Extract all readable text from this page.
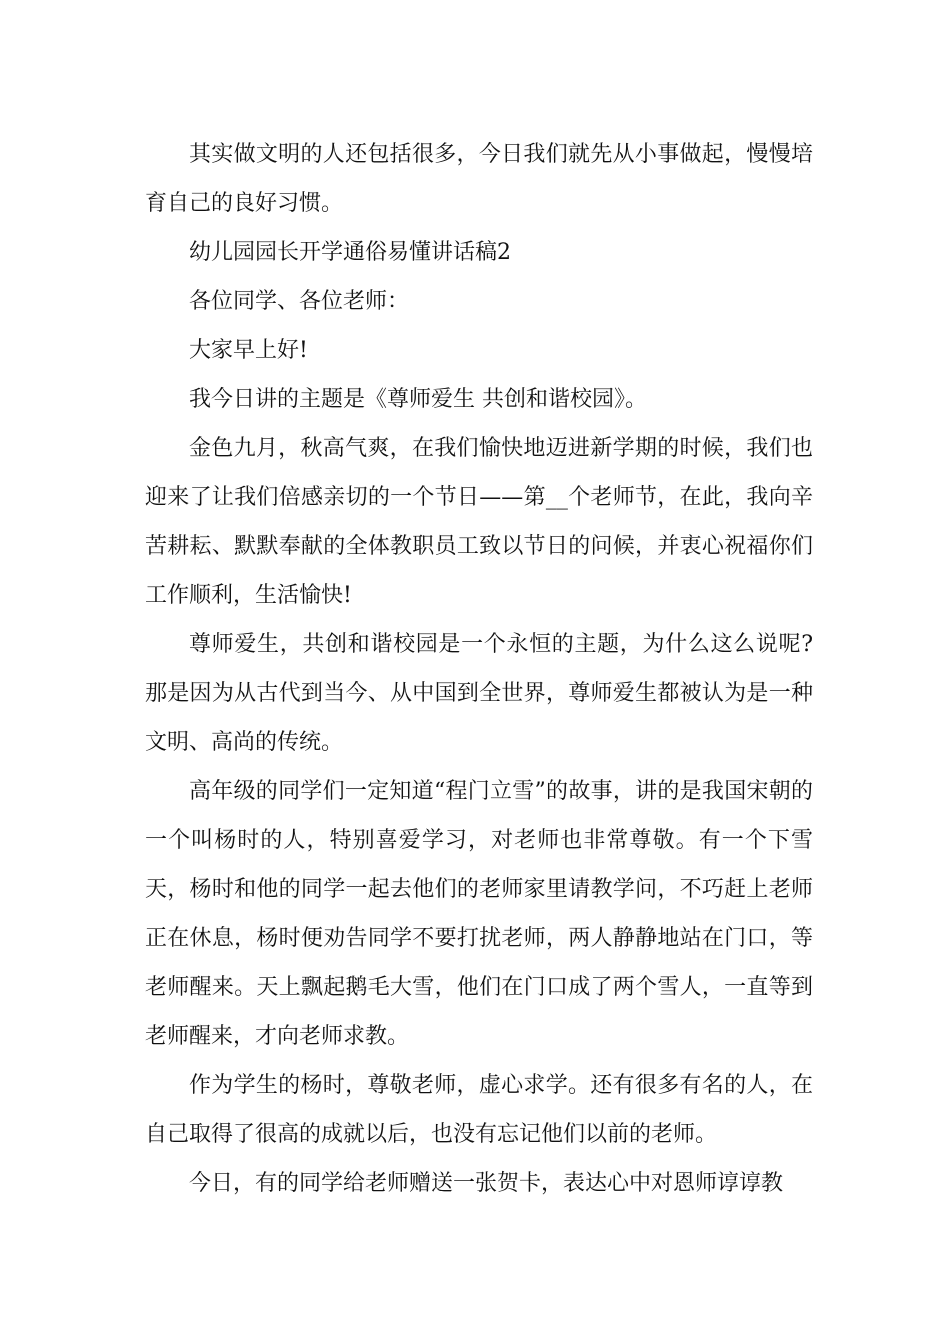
其实做文明的人还包括很多，今日我们就先从小事做起，慢慢培育自己的良好习惯。

幼儿园园长开学通俗易懂讲话稿2

各位同学、各位老师：

大家早上好!

我今日讲的主题是《尊师爱生 共创和谐校园》。

金色九月，秋高气爽，在我们愉快地迈进新学期的时候，我们也迎来了让我们倍感亲切的一个节日——第__个老师节，在此，我向辛苦耕耘、默默奉献的全体教职员工致以节日的问候，并衷心祝福你们工作顺利，生活愉快!

尊师爱生，共创和谐校园是一个永恒的主题，为什么这么说呢?那是因为从古代到当今、从中国到全世界，尊师爱生都被认为是一种文明、高尚的传统。

高年级的同学们一定知道“程门立雪”的故事，讲的是我国宋朝的一个叫杨时的人，特别喜爱学习，对老师也非常尊敬。有一个下雪天，杨时和他的同学一起去他们的老师家里请教学问，不巧赶上老师正在休息，杨时便劝告同学不要打扰老师，两人静静地站在门口，等老师醒来。天上飘起鹅毛大雪，他们在门口成了两个雪人，一直等到老师醒来，才向老师求教。

作为学生的杨时，尊敬老师，虚心求学。还有很多有名的人，在自己取得了很高的成就以后，也没有忘记他们以前的老师。

今日，有的同学给老师赠送一张贺卡，表达心中对恩师谆谆教
